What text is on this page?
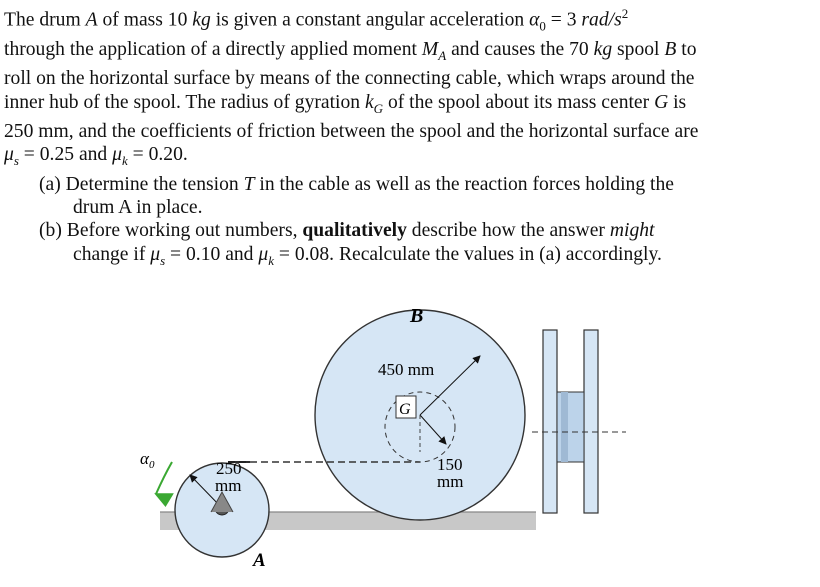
The drum A of mass 10 kg is given a constant angular acceleration $\alpha_0 = 3$ rad/$s^2$
through the application of a directly applied moment $M_A$ and causes the 70 kg spool B to
roll on the horizontal surface by means of the connecting cable, which wraps around the
inner hub of the spool. The radius of gyration $k_G$ of the spool about its mass center G is
250 mm, and the coefficients of friction between the spool and the horizontal surface are
$\mu_s = 0.25$ and $\mu_k = 0.20$.
(a) Determine the tension T in the cable as well as the reaction forces holding the
drum A in place.
(b) Before working out numbers, qualitatively describe how the answer might
change if $\mu_s = 0.10$ and $\mu_k = 0.08$. Recalculate the values in (a) accordingly.
B
450 mm
G
150
mm
250
mm
A
$\alpha_0$
